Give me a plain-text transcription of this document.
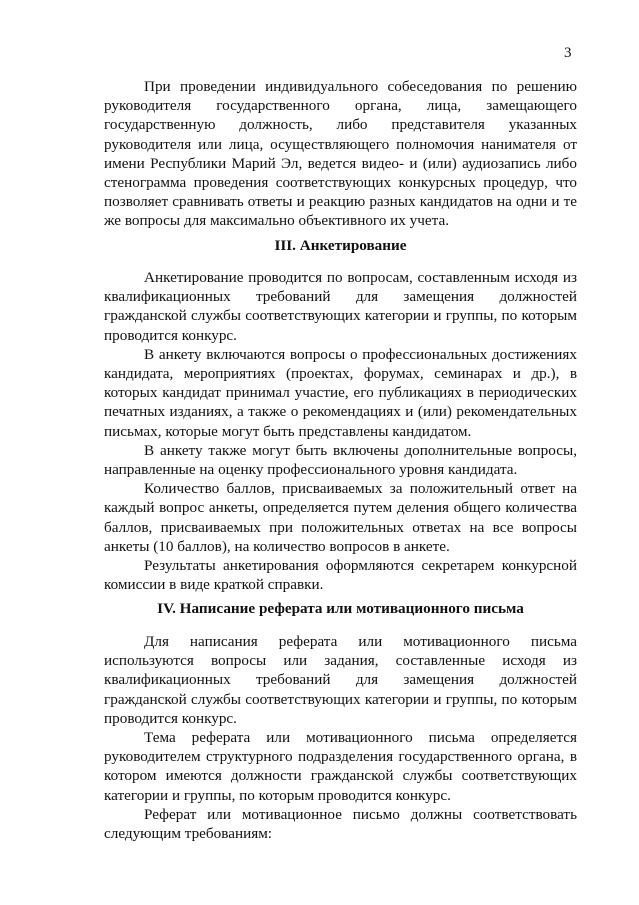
3

При проведении индивидуального собеседования по решению руководителя государственного органа, лица, замещающего государственную должность, либо представителя указанных руководителя или лица, осуществляющего полномочия нанимателя от имени Республики Марий Эл, ведется видео- и (или) аудиозапись либо стенограмма проведения соответствующих конкурсных процедур, что позволяет сравнивать ответы и реакцию разных кандидатов на одни и те же вопросы для максимально объективного их учета.

III. Анкетирование

Анкетирование проводится по вопросам, составленным исходя из квалификационных требований для замещения должностей гражданской службы соответствующих категории и группы, по которым проводится конкурс.

В анкету включаются вопросы о профессиональных достижениях кандидата, мероприятиях (проектах, форумах, семинарах и др.), в которых кандидат принимал участие, его публикациях в периодических печатных изданиях, а также о рекомендациях и (или) рекомендательных письмах, которые могут быть представлены кандидатом.

В анкету также могут быть включены дополнительные вопросы, направленные на оценку профессионального уровня кандидата.

Количество баллов, присваиваемых за положительный ответ на каждый вопрос анкеты, определяется путем деления общего количества баллов, присваиваемых при положительных ответах на все вопросы анкеты (10 баллов), на количество вопросов в анкете.

Результаты анкетирования оформляются секретарем конкурсной комиссии в виде краткой справки.

IV. Написание реферата или мотивационного письма

Для написания реферата или мотивационного письма используются вопросы или задания, составленные исходя из квалификационных требований для замещения должностей гражданской службы соответствующих категории и группы, по которым проводится конкурс.

Тема реферата или мотивационного письма определяется руководителем структурного подразделения государственного органа, в котором имеются должности гражданской службы соответствующих категории и группы, по которым проводится конкурс.

Реферат или мотивационное письмо должны соответствовать следующим требованиям:
